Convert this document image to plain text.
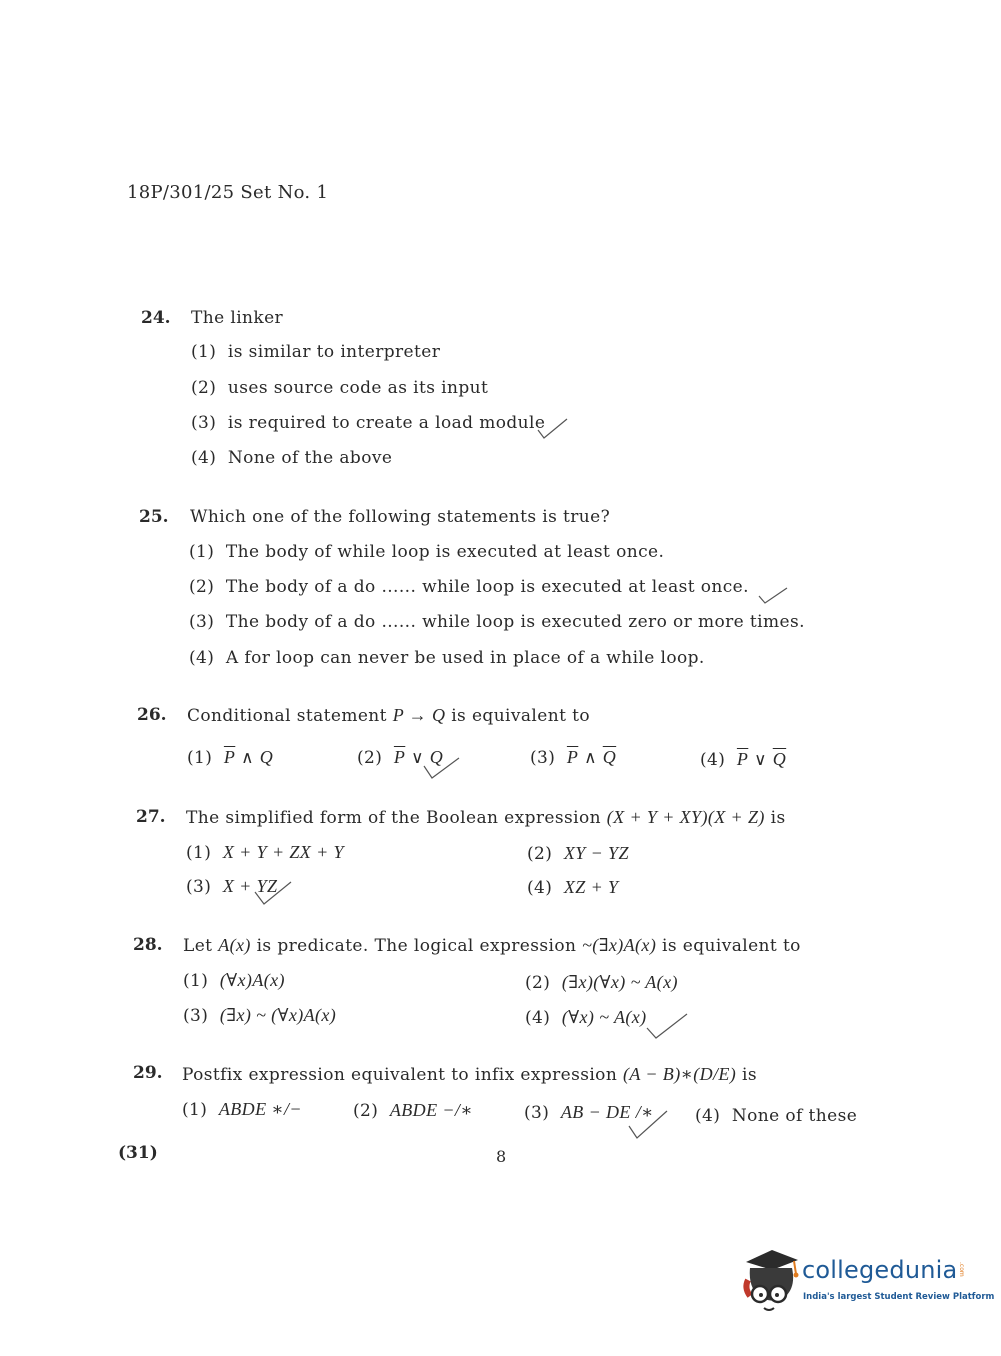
18P/301/25 Set No. 1
24. The linker
(1) is similar to interpreter
(2) uses source code as its input
(3) is required to create a load module
(4) None of the above
25. Which one of the following statements is true?
(1) The body of while loop is executed at least once.
(2) The body of a do ...... while loop is executed at least once.
(3) The body of a do ...... while loop is executed zero or more times.
(4) A for loop can never be used in place of a while loop.
26. Conditional statement P → Q is equivalent to
(1) $\overline{P}$ ∧ Q	(2) $\overline{P}$ ∨ Q	(3) $\overline{P}$ ∧ $\overline{Q}$	(4) $\overline{P}$ ∨ $\overline{Q}$
27. The simplified form of the Boolean expression (X + Y + XY)(X + Z) is
(1) X + Y + ZX + Y	(2) XY − YZ
(3) X + YZ	(4) XZ + Y
28. Let A(x) is predicate. The logical expression ~(∃x)A(x) is equivalent to
(1) (∀x)A(x)	(2) (∃x)(∀x) ~ A(x)
(3) (∃x) ~ (∀x)A(x)	(4) (∀x) ~ A(x)
29. Postfix expression equivalent to infix expression (A − B)∗(D/E) is
(1) ABDE ∗/−	(2) ABDE −/∗	(3) AB − DE /∗ (4) None of these
(31)	8
collegedunia .com
India's largest Student Review Platform
